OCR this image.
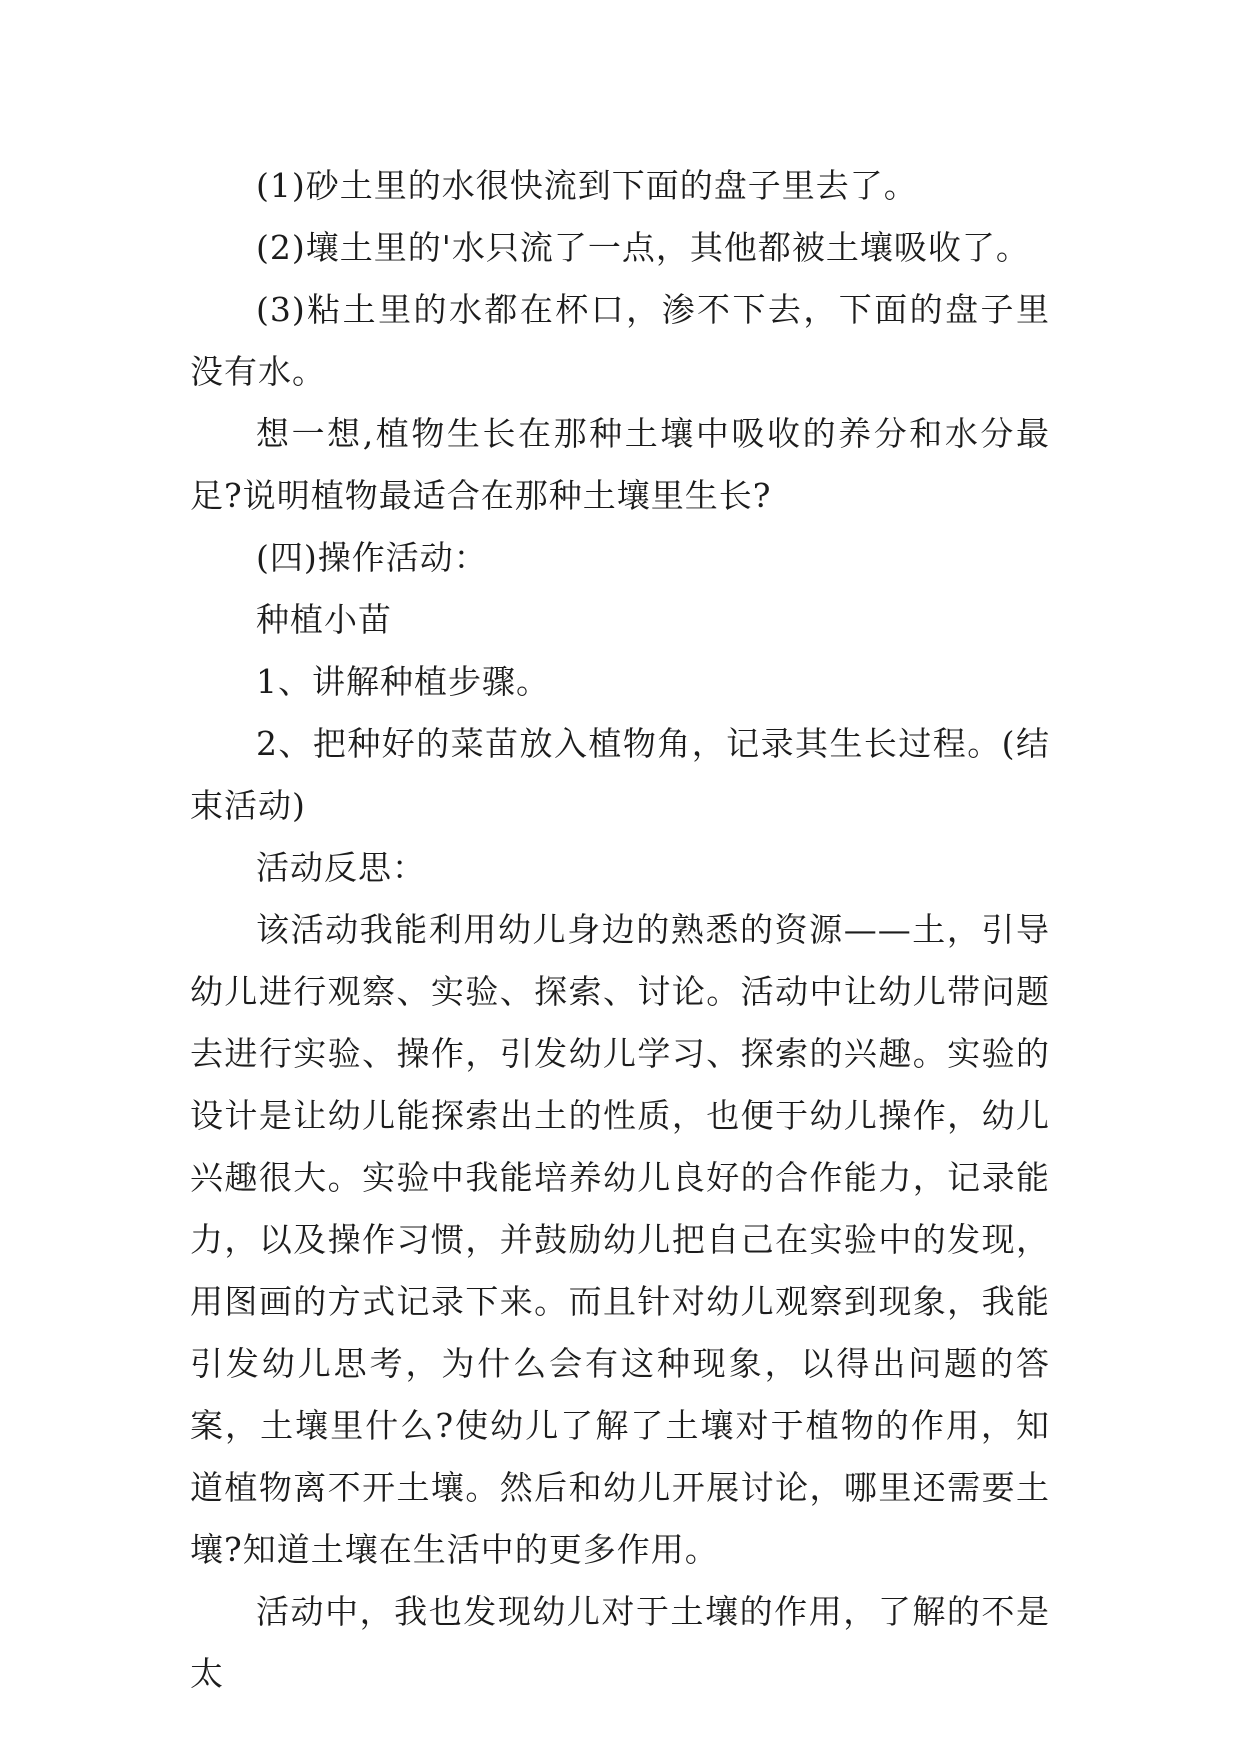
(1)砂土里的水很快流到下面的盘子里去了。

(2)壤土里的'水只流了一点，其他都被土壤吸收了。

(3)粘土里的水都在杯口，渗不下去，下面的盘子里没有水。

想一想,植物生长在那种土壤中吸收的养分和水分最足?说明植物最适合在那种土壤里生长?

(四)操作活动：

种植小苗

1、讲解种植步骤。

2、把种好的菜苗放入植物角，记录其生长过程。(结束活动)

活动反思：

该活动我能利用幼儿身边的熟悉的资源——土，引导幼儿进行观察、实验、探索、讨论。活动中让幼儿带问题去进行实验、操作，引发幼儿学习、探索的兴趣。实验的设计是让幼儿能探索出土的性质，也便于幼儿操作，幼儿兴趣很大。实验中我能培养幼儿良好的合作能力，记录能力，以及操作习惯，并鼓励幼儿把自己在实验中的发现，用图画的方式记录下来。而且针对幼儿观察到现象，我能引发幼儿思考，为什么会有这种现象，以得出问题的答案，土壤里什么?使幼儿了解了土壤对于植物的作用，知道植物离不开土壤。然后和幼儿开展讨论，哪里还需要土壤?知道土壤在生活中的更多作用。

活动中，我也发现幼儿对于土壤的作用，了解的不是太
